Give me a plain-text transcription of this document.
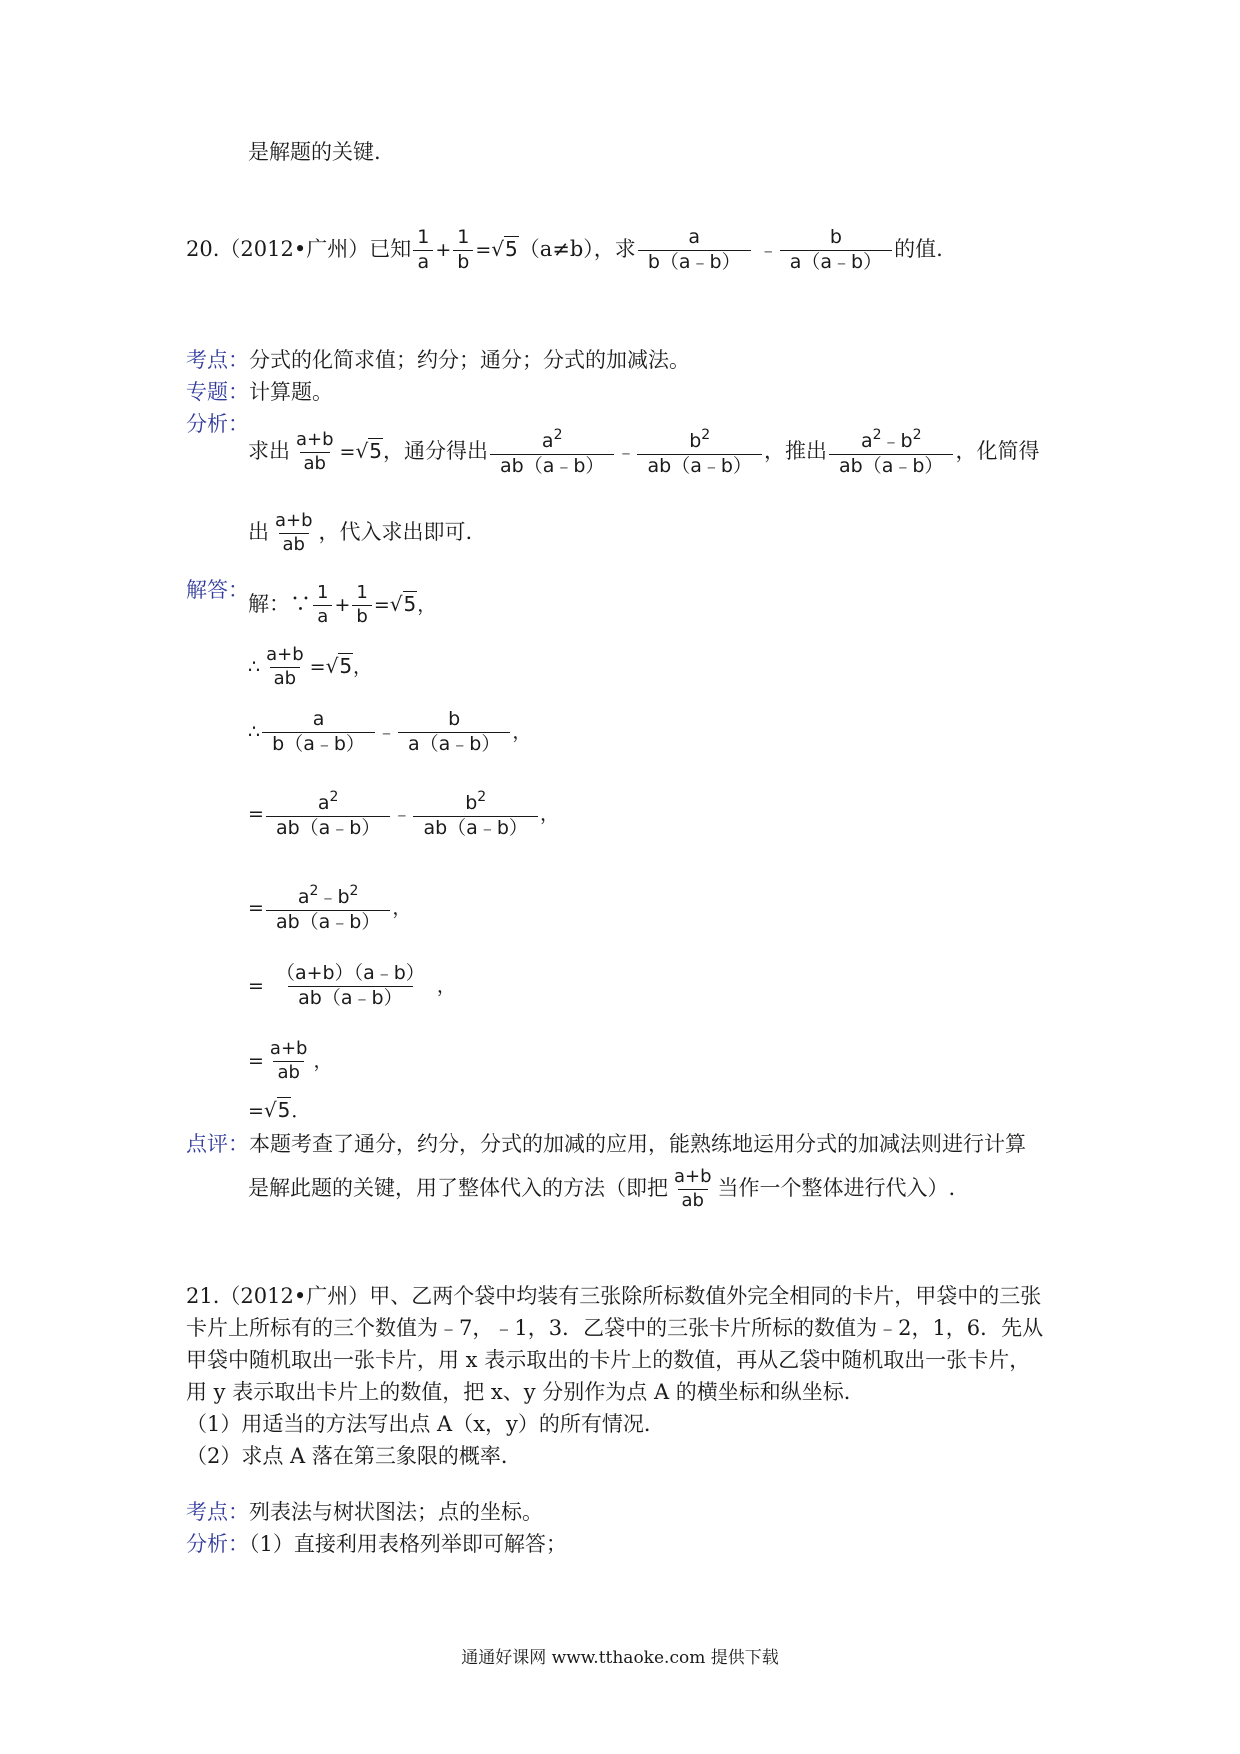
是解题的关键.
20.（2012•广州）已知 $\frac{1}{a} + \frac{1}{b} =√5(a\ne b)$，求 $\frac{a}{b(a﹣b)}$ ﹣ $\frac{b}{a(a﹣b)}$ 的值.
考点：分式的化简求值；约分；通分；分式的加减法。
专题：计算题。
分析：
求出 $\frac{a+b}{ab} =√5$，通分得出 $\frac{a^2}{ab(a﹣b)}$ ﹣ $\frac{b^2}{ab(a﹣b)}$ ，推出 $\frac{a^2﹣b^2}{ab(a﹣b)}$ ，化简得
出 $\frac{a+b}{ab}$ ，代入求出即可.
解答：
解：∵ $\frac{1}{a} + \frac{1}{b} =√5$，
∴ $\frac{a+b}{ab} =√5$，
∴ $\frac{a}{b(a﹣b)}$ ﹣ $\frac{b}{a(a﹣b)}$ ，
= $\frac{a^2}{ab(a﹣b)}$ ﹣ $\frac{b^2}{ab(a﹣b)}$ ，
= $\frac{a^2﹣b^2}{ab(a﹣b)}$ ，
= $\frac{(a+b)(a﹣b)}{ab(a﹣b)}$ ，
= $\frac{a+b}{ab}$ ，
=√5．
点评：本题考查了通分，约分，分式的加减的应用，能熟练地运用分式的加减法则进行计算
是解此题的关键，用了整体代入的方法（即把 $\frac{a+b}{ab}$ 当作一个整体进行代入）.
21.（2012•广州）甲、乙两个袋中均装有三张除所标数值外完全相同的卡片，甲袋中的三张
卡片上所标有的三个数值为﹣7，﹣1，3．乙袋中的三张卡片所标的数值为﹣2，1，6．先从
甲袋中随机取出一张卡片，用 x 表示取出的卡片上的数值，再从乙袋中随机取出一张卡片，
用 y 表示取出卡片上的数值，把 x、y 分别作为点 A 的横坐标和纵坐标．
（1）用适当的方法写出点 A（x，y）的所有情况．
（2）求点 A 落在第三象限的概率．
考点：列表法与树状图法；点的坐标。
分析：（1）直接利用表格列举即可解答；
通通好课网 www.tthaoke.com 提供下载
